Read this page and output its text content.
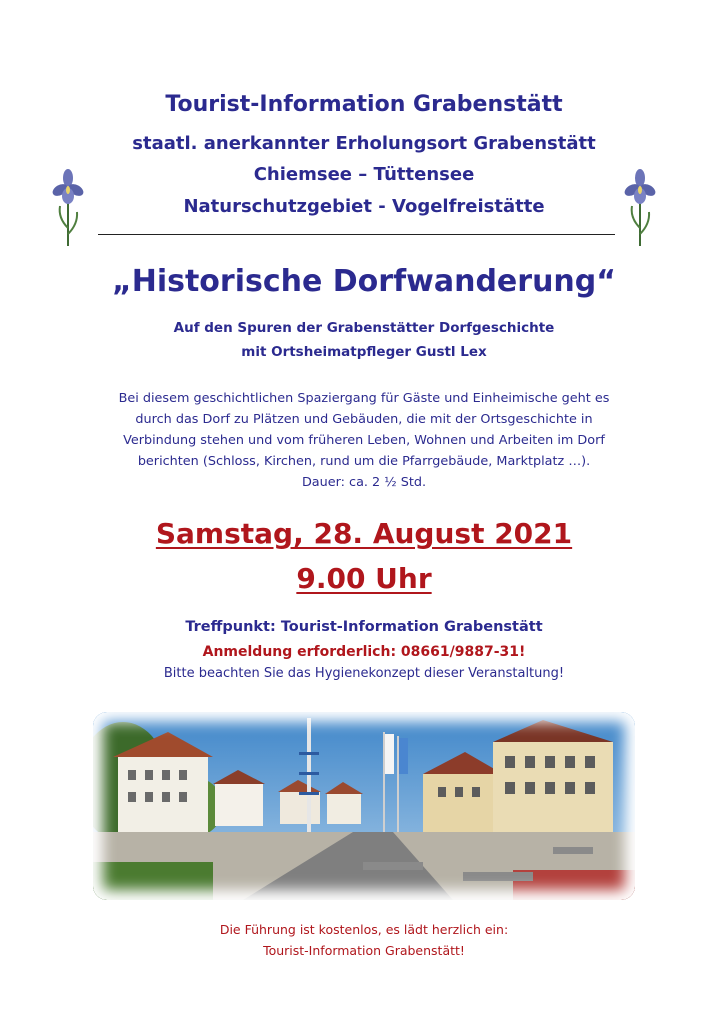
Tourist-Information Grabenstätt
staatl. anerkannter Erholungsort Grabenstätt
Chiemsee – Tüttensee
Naturschutzgebiet - Vogelfreistätte
„Historische Dorfwanderung“
Auf den Spuren der Grabenstätter Dorfgeschichte
mit Ortsheimatpfleger Gustl Lex
Bei diesem geschichtlichen Spaziergang für Gäste und Einheimische geht es
durch das Dorf zu Plätzen und Gebäuden, die mit der Ortsgeschichte in
Verbindung stehen und vom früheren Leben, Wohnen und Arbeiten im Dorf
berichten (Schloss, Kirchen, rund um die Pfarrgebäude, Marktplatz …).
Dauer: ca. 2 ½ Std.
Samstag, 28. August 2021
9.00 Uhr
Treffpunkt: Tourist-Information Grabenstätt
Anmeldung erforderlich: 08661/9887-31!
Bitte beachten Sie das Hygienekonzept dieser Veranstaltung!
Die Führung ist kostenlos, es lädt herzlich ein:
Tourist-Information Grabenstätt!
